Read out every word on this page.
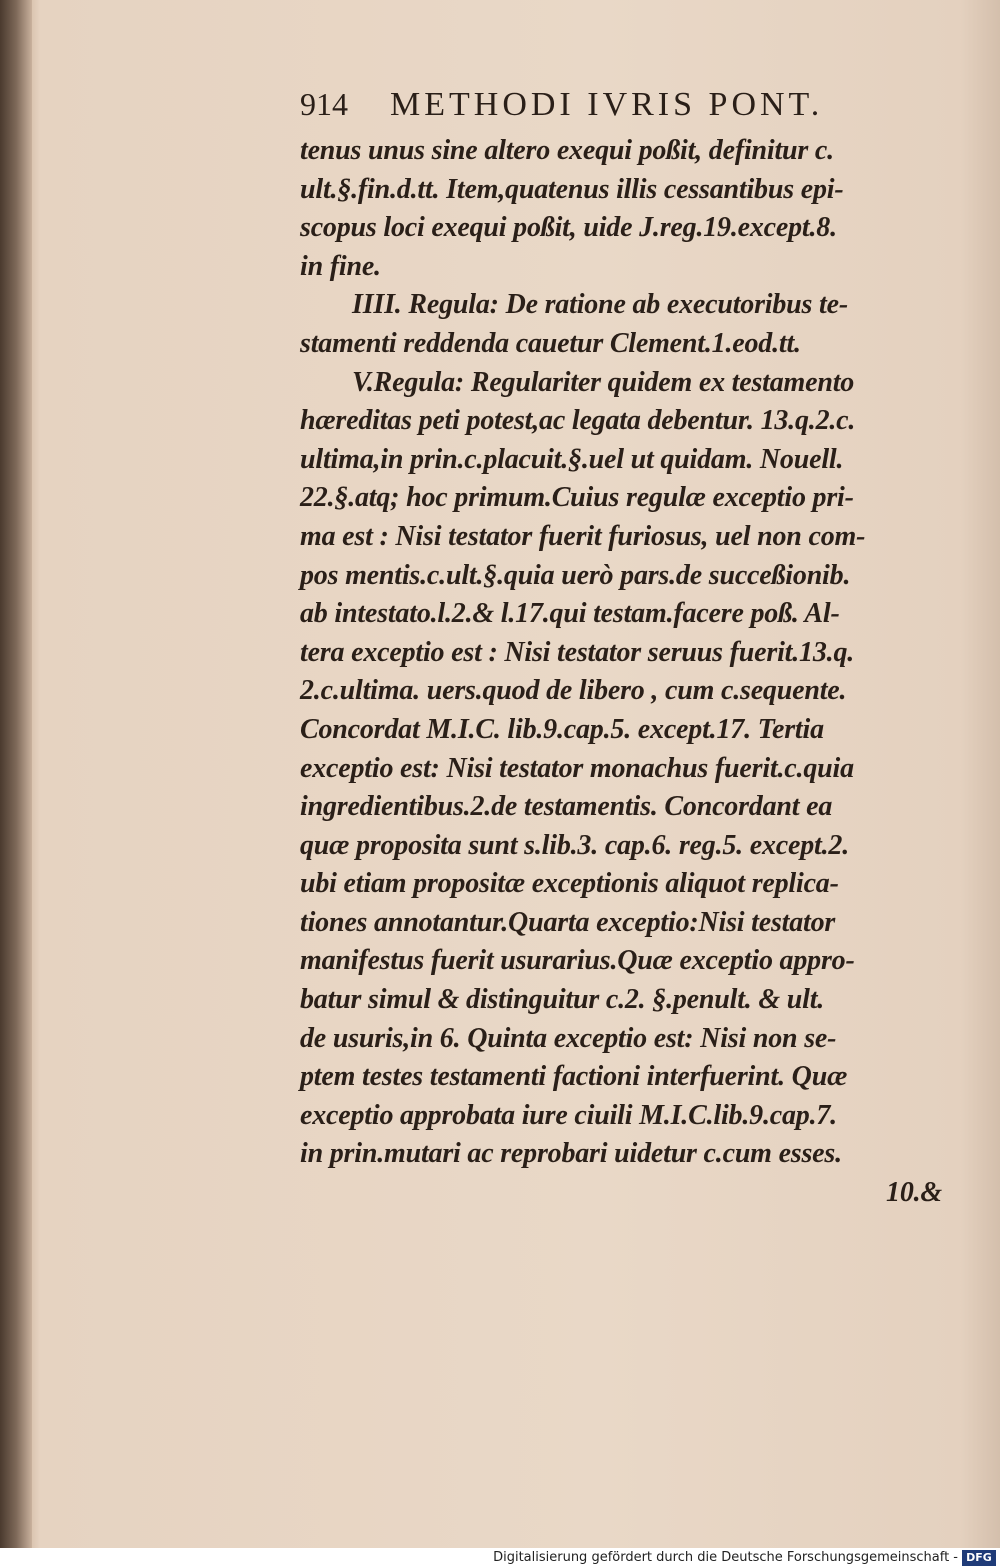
914 METHODI IVRIS PONT.
tenus unus sine altero exequi poßit, definitur c.
ult.§.fin.d.tt. Item,quatenus illis cessantibus epi-
scopus loci exequi poßit, uide J.reg.19.except.8.
in fine.
IIII. Regula: De ratione ab executoribus te-
stamenti reddenda cauetur Clement.1.eod.tt.
V.Regula: Regulariter quidem ex testamento
hæreditas peti potest,ac legata debentur. 13.q.2.c.
ultima,in prin.c.placuit.§.uel ut quidam. Nouell.
22.§.atq; hoc primum.Cuius regulæ exceptio pri-
ma est : Nisi testator fuerit furiosus, uel non com-
pos mentis.c.ult.§.quia uerò pars.de succeßionib.
ab intestato.l.2.& l.17.qui testam.facere poß. Al-
tera exceptio est : Nisi testator seruus fuerit.13.q.
2.c.ultima. uers.quod de libero , cum c.sequente.
Concordat M.I.C. lib.9.cap.5. except.17. Tertia
exceptio est: Nisi testator monachus fuerit.c.quia
ingredientibus.2.de testamentis. Concordant ea
quæ proposita sunt s.lib.3. cap.6. reg.5. except.2.
ubi etiam propositæ exceptionis aliquot replica-
tiones annotantur.Quarta exceptio:Nisi testator
manifestus fuerit usurarius.Quæ exceptio appro-
batur simul & distinguitur c.2. §.penult. & ult.
de usuris,in 6. Quinta exceptio est: Nisi non se-
ptem testes testamenti factioni interfuerint. Quæ
exceptio approbata iure ciuili M.I.C.lib.9.cap.7.
in prin.mutari ac reprobari uidetur c.cum esses.
10.&
Digitalisierung gefördert durch die Deutsche Forschungsgemeinschaft - DFG
